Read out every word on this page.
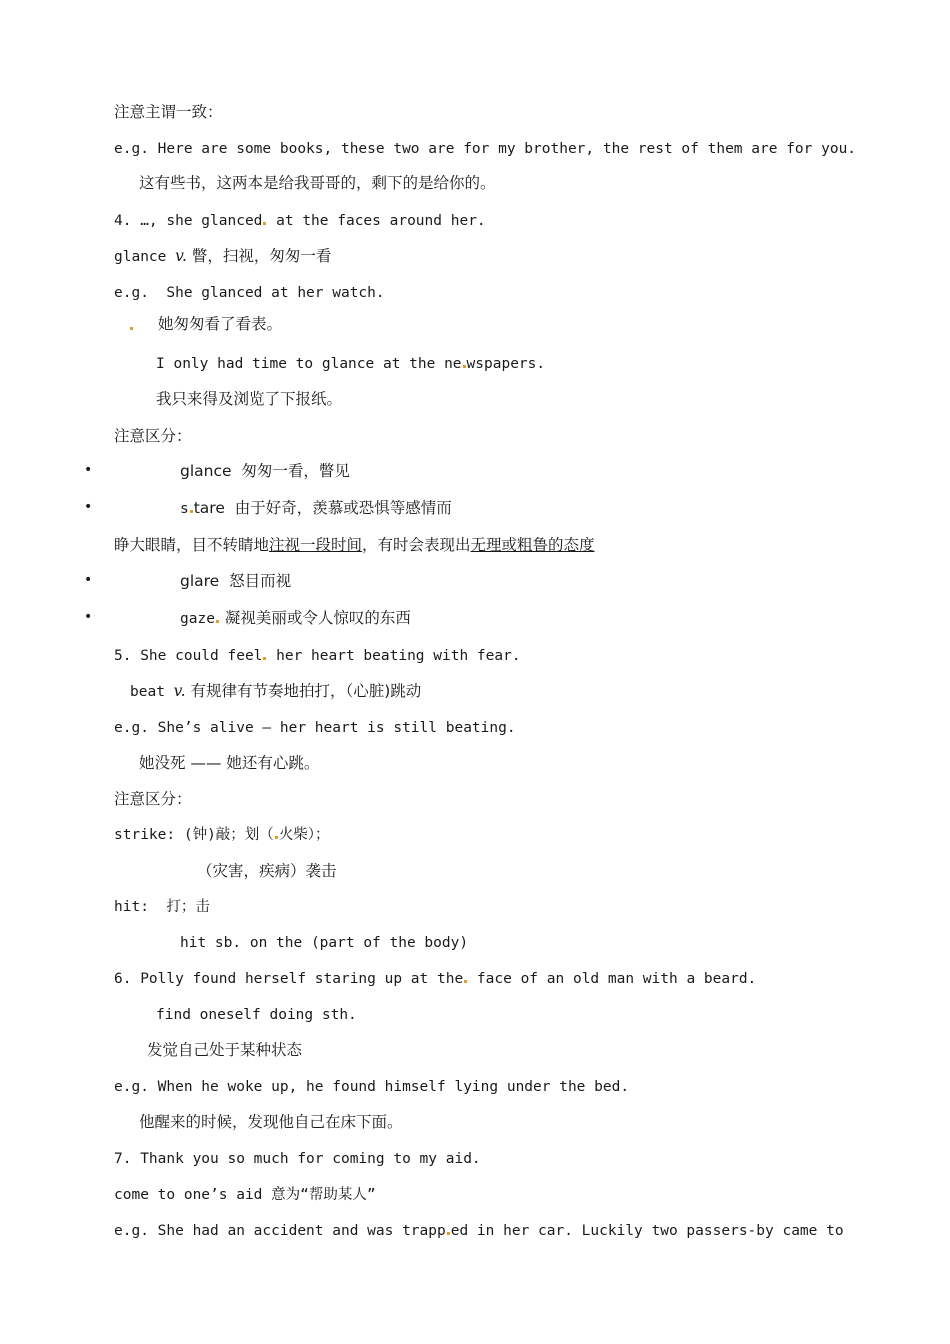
注意主谓一致：
e.g. Here are some books, these two are for my brother, the rest of them are for you.
这有些书，这两本是给我哥哥的，剩下的是给你的。
4. …, she glanced at the faces around her.
glance v. 瞥，扫视，匆匆一看
e.g.  She glanced at her watch.
她匆匆看了看表。
I only had time to glance at the ne wspapers.
我只来得及浏览了下报纸。
注意区分：
•	glance  匆匆一看，瞥见
•	s tare  由于好奇，羡慕或恐惧等感情而
睁大眼睛，目不转睛地注视一段时间，有时会表现出无理或粗鲁的态度
•	glare  怒目而视
•	gaze 凝视美丽或令人惊叹的东西
5. She could feel her heart beating with fear.
beat v. 有规律有节奏地拍打，（心脏)跳动
e.g. She’s alive — her heart is still beating.
她没死 —— 她还有心跳。
注意区分：
strike: (钟)敲；划（ 火柴）；
（灾害，疾病）袭击
hit:  打；击
hit sb. on the (part of the body)
6. Polly found herself staring up at the face of an old man with a beard.
find oneself doing sth.
发觉自己处于某种状态
e.g. When he woke up, he found himself lying under the bed.
他醒来的时候，发现他自己在床下面。
7. Thank you so much for coming to my aid.
come to one’s aid 意为“帮助某人”
e.g. She had an accident and was trapp ed in her car. Luckily two passers-by came to
